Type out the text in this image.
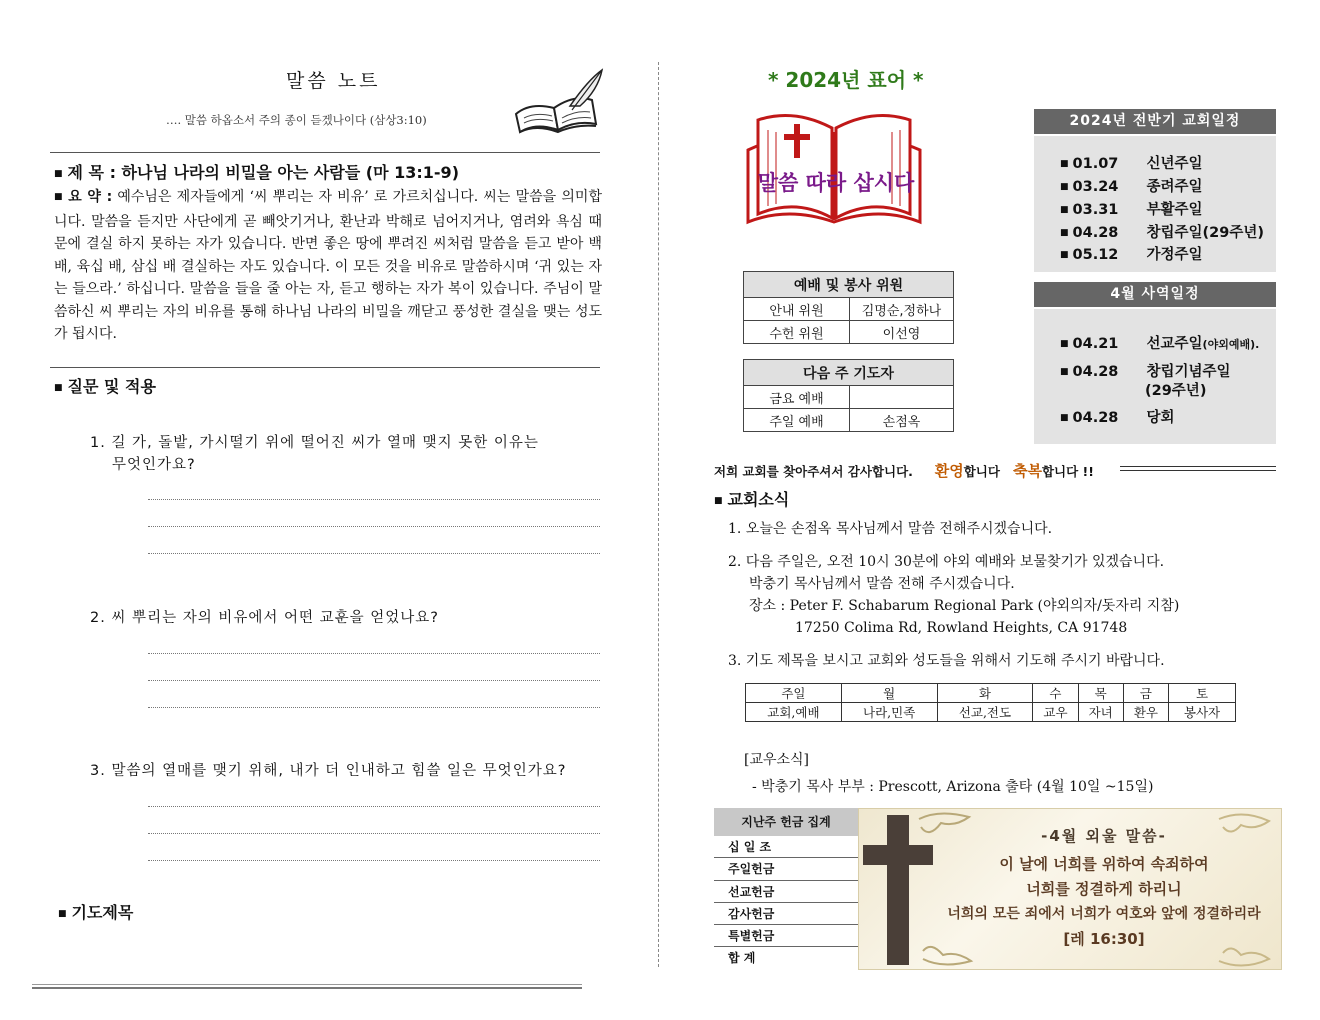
말씀 노트
…. 말씀 하옵소서 주의 종이 듣겠나이다 (삼상3:10)
■ 제 목 : 하나님 나라의 비밀을 아는 사람들 (마 13:1-9)
■ 요 약 : 예수님은 제자들에게 ‘씨 뿌리는 자 비유’ 로 가르치십니다. 씨는 말씀을 의미합니다. 말씀을 듣지만 사단에게 곧 빼앗기거나, 환난과 박해로 넘어지거나, 염려와 욕심 때문에 결실 하지 못하는 자가 있습니다. 반면 좋은 땅에 뿌려진 씨처럼 말씀을 듣고 받아 백 배, 육십 배, 삼십 배 결실하는 자도 있습니다. 이 모든 것을 비유로 말씀하시며 ‘귀 있는 자는 들으라.’ 하십니다. 말씀을 들을 줄 아는 자, 듣고 행하는 자가 복이 있습니다. 주님이 말씀하신 씨 뿌리는 자의 비유를 통해 하나님 나라의 비밀을 깨닫고 풍성한 결실을 맺는 성도가 됩시다.
■ 질문 및 적용
1. 길 가, 돌밭, 가시떨기 위에 떨어진 씨가 열매 맺지 못한 이유는
무엇인가요?
2. 씨 뿌리는 자의 비유에서 어떤 교훈을 얻었나요?
3. 말씀의 열매를 맺기 위해, 내가 더 인내하고 힘쓸 일은 무엇인가요?
■ 기도제목
* 2024년 표어 *
말씀 따라 삽시다
2024년 전반기 교회일정
■ 01.07 신년주일
■ 03.24 종려주일
■ 03.31 부활주일
■ 04.28 창립주일(29주년)
■ 05.12 가정주일
4월 사역일정
■ 04.21 선교주일(야외예배).
■ 04.28 창립기념주일
(29주년)
■ 04.28 당회
예배 및 봉사 위원	
안내 위원	김명순,정하나
수헌 위원	이선영
다음 주 기도자	
금요 예배	
주일 예배	손점옥
저희 교회를 찾아주셔서 감사합니다. 환영합니다 축복합니다 !!
■ 교회소식
1. 오늘은 손점옥 목사님께서 말씀 전해주시겠습니다.
2. 다음 주일은, 오전 10시 30분에 야외 예배와 보물찾기가 있겠습니다.
박충기 목사님께서 말씀 전해 주시겠습니다.
장소 : Peter F. Schabarum Regional Park (야외의자/돗자리 지참)
17250 Colima Rd, Rowland Heights, CA 91748
3. 기도 제목을 보시고 교회와 성도들을 위해서 기도해 주시기 바랍니다.
주일	월	화	수	목	금	토
교회,예배	나라,민족	선교,전도	교우	자녀	환우	봉사자
[교우소식]
- 박충기 목사 부부 : Prescott, Arizona 출타 (4월 10일 ~15일)
지난주 헌금 집계
십 일 조
주일헌금
선교헌금
감사헌금
특별헌금
합 계
-4월 외울 말씀-
이 날에 너희를 위하여 속죄하여
너희를 정결하게 하리니
너희의 모든 죄에서 너희가 여호와 앞에 정결하리라
[레 16:30]
